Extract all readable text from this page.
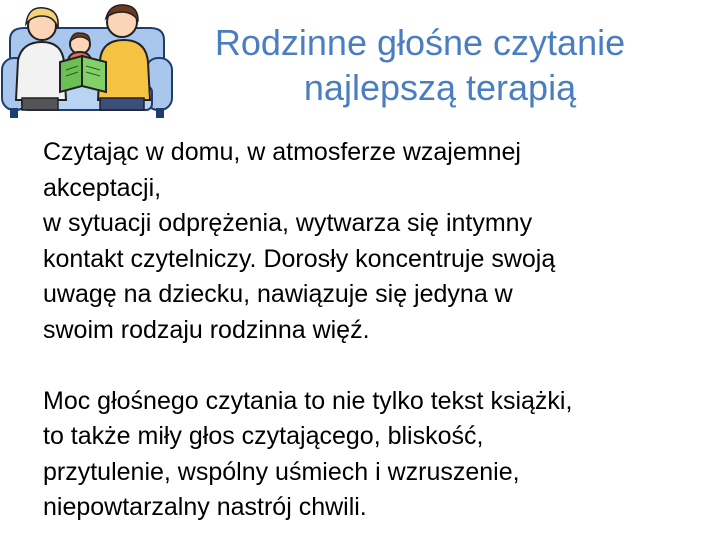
Rodzinne głośne czytanie
najlepszą terapią

Czytając w domu, w atmosferze wzajemnej
akceptacji,
w sytuacji odprężenia, wytwarza się intymny
kontakt czytelniczy. Dorosły koncentruje swoją
uwagę na dziecku, nawiązuje się jedyna w
swoim rodzaju rodzinna więź.

Moc głośnego czytania to nie tylko tekst książki,
to także miły głos czytającego, bliskość,
przytulenie, wspólny uśmiech i wzruszenie,
niepowtarzalny nastrój chwili.
